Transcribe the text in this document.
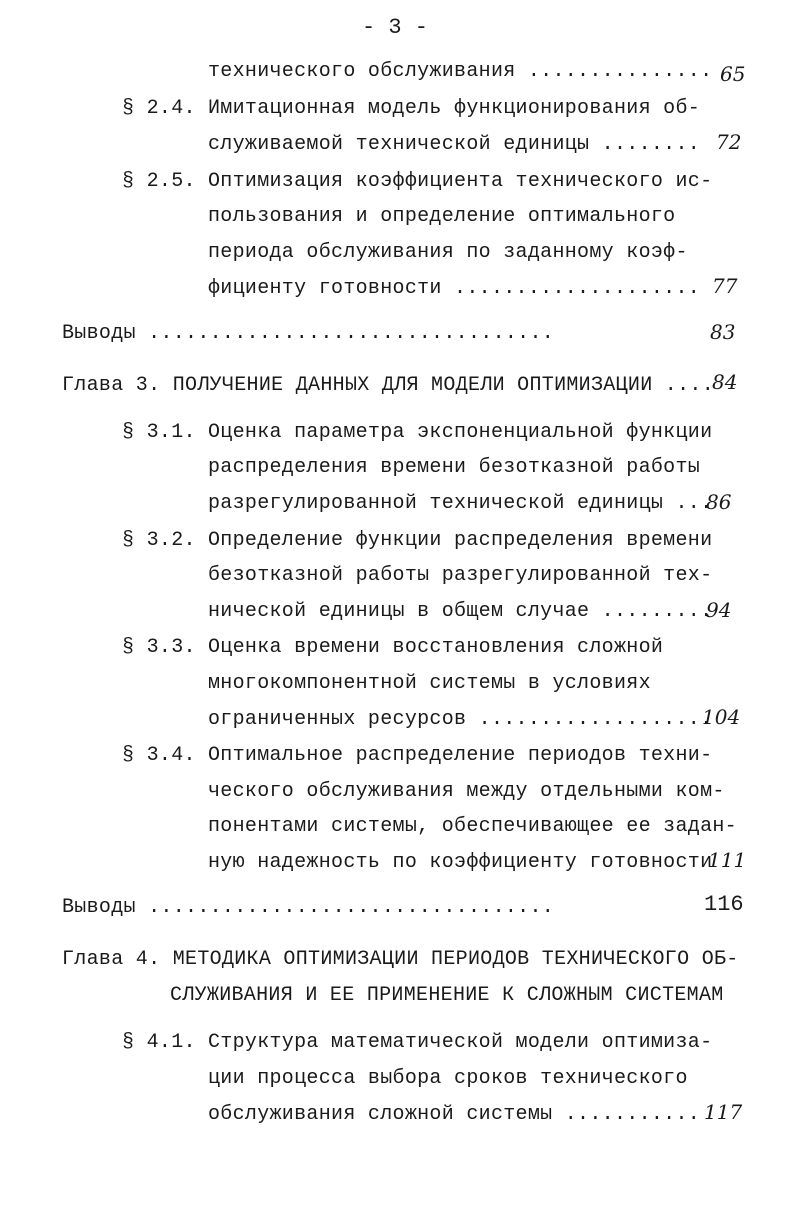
- 3 -
технического обслуживания ............... 65
§ 2.4. Имитационная модель функционирования об-
служиваемой технической единицы ........ 72
§ 2.5. Оптимизация коэффициента технического ис-
пользования и определение оптимального
периода обслуживания по заданному коэф-
фициенту готовности .................... 77
Выводы .................................	83
Глава 3. ПОЛУЧЕНИЕ ДАННЫХ ДЛЯ МОДЕЛИ ОПТИМИЗАЦИИ ....
84
§ 3.1. Оценка параметра экспоненциальной функции
распределения времени безотказной работы
разрегулированной технической единицы ...
86
§ 3.2. Определение функции распределения времени
безотказной работы разрегулированной тех-
нической единицы в общем случае .........
94
§ 3.3. Оценка времени восстановления сложной
многокомпонентной системы в условиях
ограниченных ресурсов ...................
104
§ 3.4. Оптимальное распределение периодов техни-
ческого обслуживания между отдельными ком-
понентами системы, обеспечивающее ее задан-
ную надежность по коэффициенту готовности
111
Выводы .................................	116
Глава 4. МЕТОДИКА ОПТИМИЗАЦИИ ПЕРИОДОВ ТЕХНИЧЕСКОГО ОБ-
СЛУЖИВАНИЯ И ЕЕ ПРИМЕНЕНИЕ К СЛОЖНЫМ СИСТЕМАМ
§ 4.1. Структура математической модели оптимиза-
ции процесса выбора сроков технического
обслуживания сложной системы ........... 117
